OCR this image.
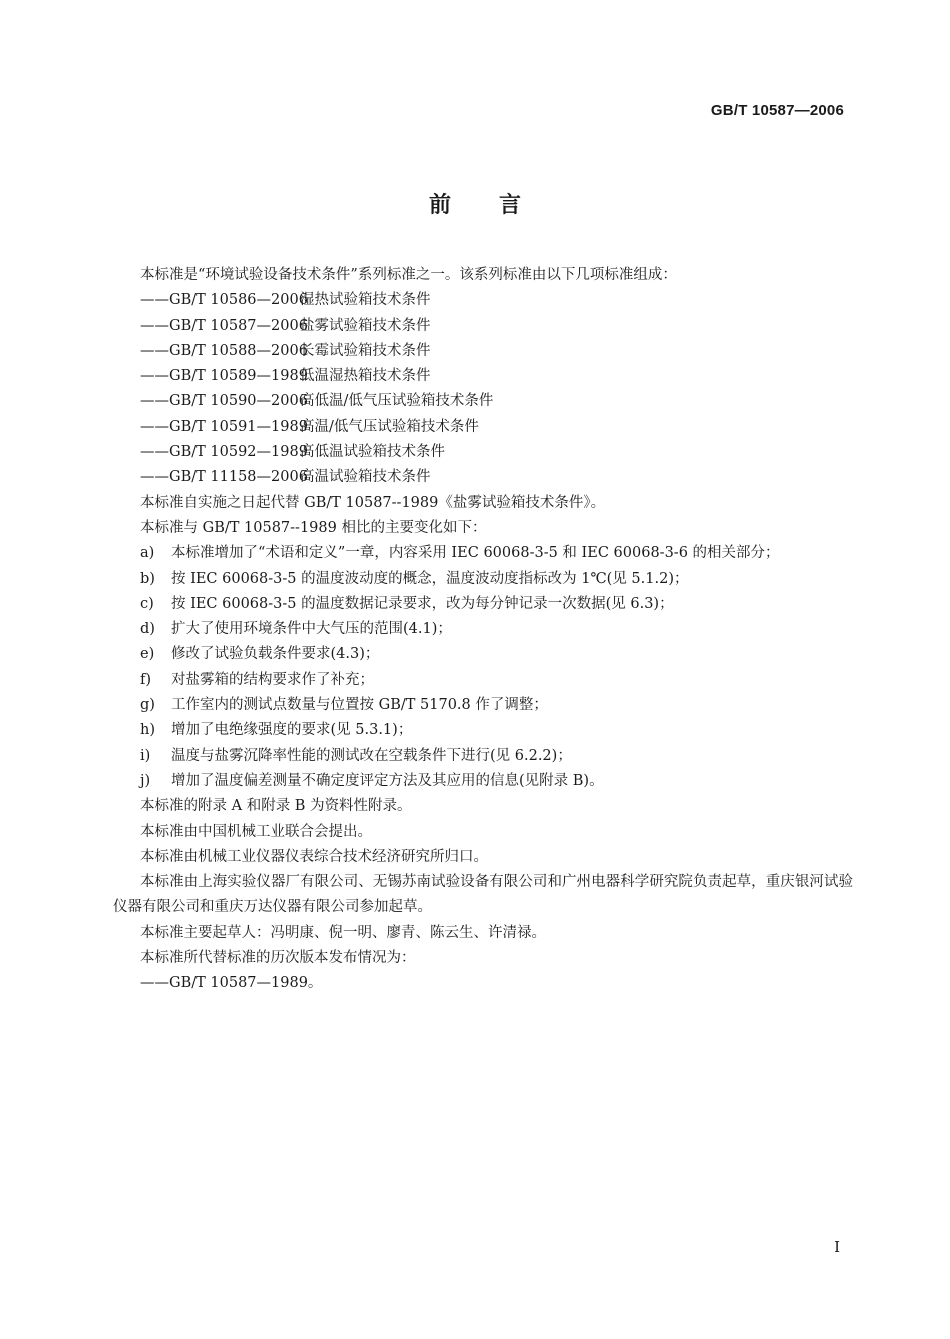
GB/T 10587—2006
前言
本标准是“环境试验设备技术条件”系列标准之一。该系列标准由以下几项标准组成：
——GB/T 10586—2006湿热试验箱技术条件
——GB/T 10587—2006盐雾试验箱技术条件
——GB/T 10588—2006长霉试验箱技术条件
——GB/T 10589—1989低温湿热箱技术条件
——GB/T 10590—2006高低温/低气压试验箱技术条件
——GB/T 10591—1989高温/低气压试验箱技术条件
——GB/T 10592—1989高低温试验箱技术条件
——GB/T 11158—2006高温试验箱技术条件
本标准自实施之日起代替 GB/T 10587--1989《盐雾试验箱技术条件》。
本标准与 GB/T 10587--1989 相比的主要变化如下：
a) 本标准增加了“术语和定义”一章，内容采用 IEC 60068-3-5 和 IEC 60068-3-6 的相关部分；
b) 按 IEC 60068-3-5 的温度波动度的概念，温度波动度指标改为 1℃(见 5.1.2)；
c) 按 IEC 60068-3-5 的温度数据记录要求，改为每分钟记录一次数据(见 6.3)；
d) 扩大了使用环境条件中大气压的范围(4.1)；
e) 修改了试验负载条件要求(4.3)；
f) 对盐雾箱的结构要求作了补充；
g) 工作室内的测试点数量与位置按 GB/T 5170.8 作了调整；
h) 增加了电绝缘强度的要求(见 5.3.1)；
i) 温度与盐雾沉降率性能的测试改在空载条件下进行(见 6.2.2)；
j) 增加了温度偏差测量不确定度评定方法及其应用的信息(见附录 B)。
本标准的附录 A 和附录 B 为资料性附录。
本标准由中国机械工业联合会提出。
本标准由机械工业仪器仪表综合技术经济研究所归口。
本标准由上海实验仪器厂有限公司、无锡苏南试验设备有限公司和广州电器科学研究院负责起草，重庆银河试验仪器有限公司和重庆万达仪器有限公司参加起草。
本标准主要起草人：冯明康、倪一明、廖青、陈云生、许清禄。
本标准所代替标准的历次版本发布情况为：
——GB/T 10587—1989。
I
